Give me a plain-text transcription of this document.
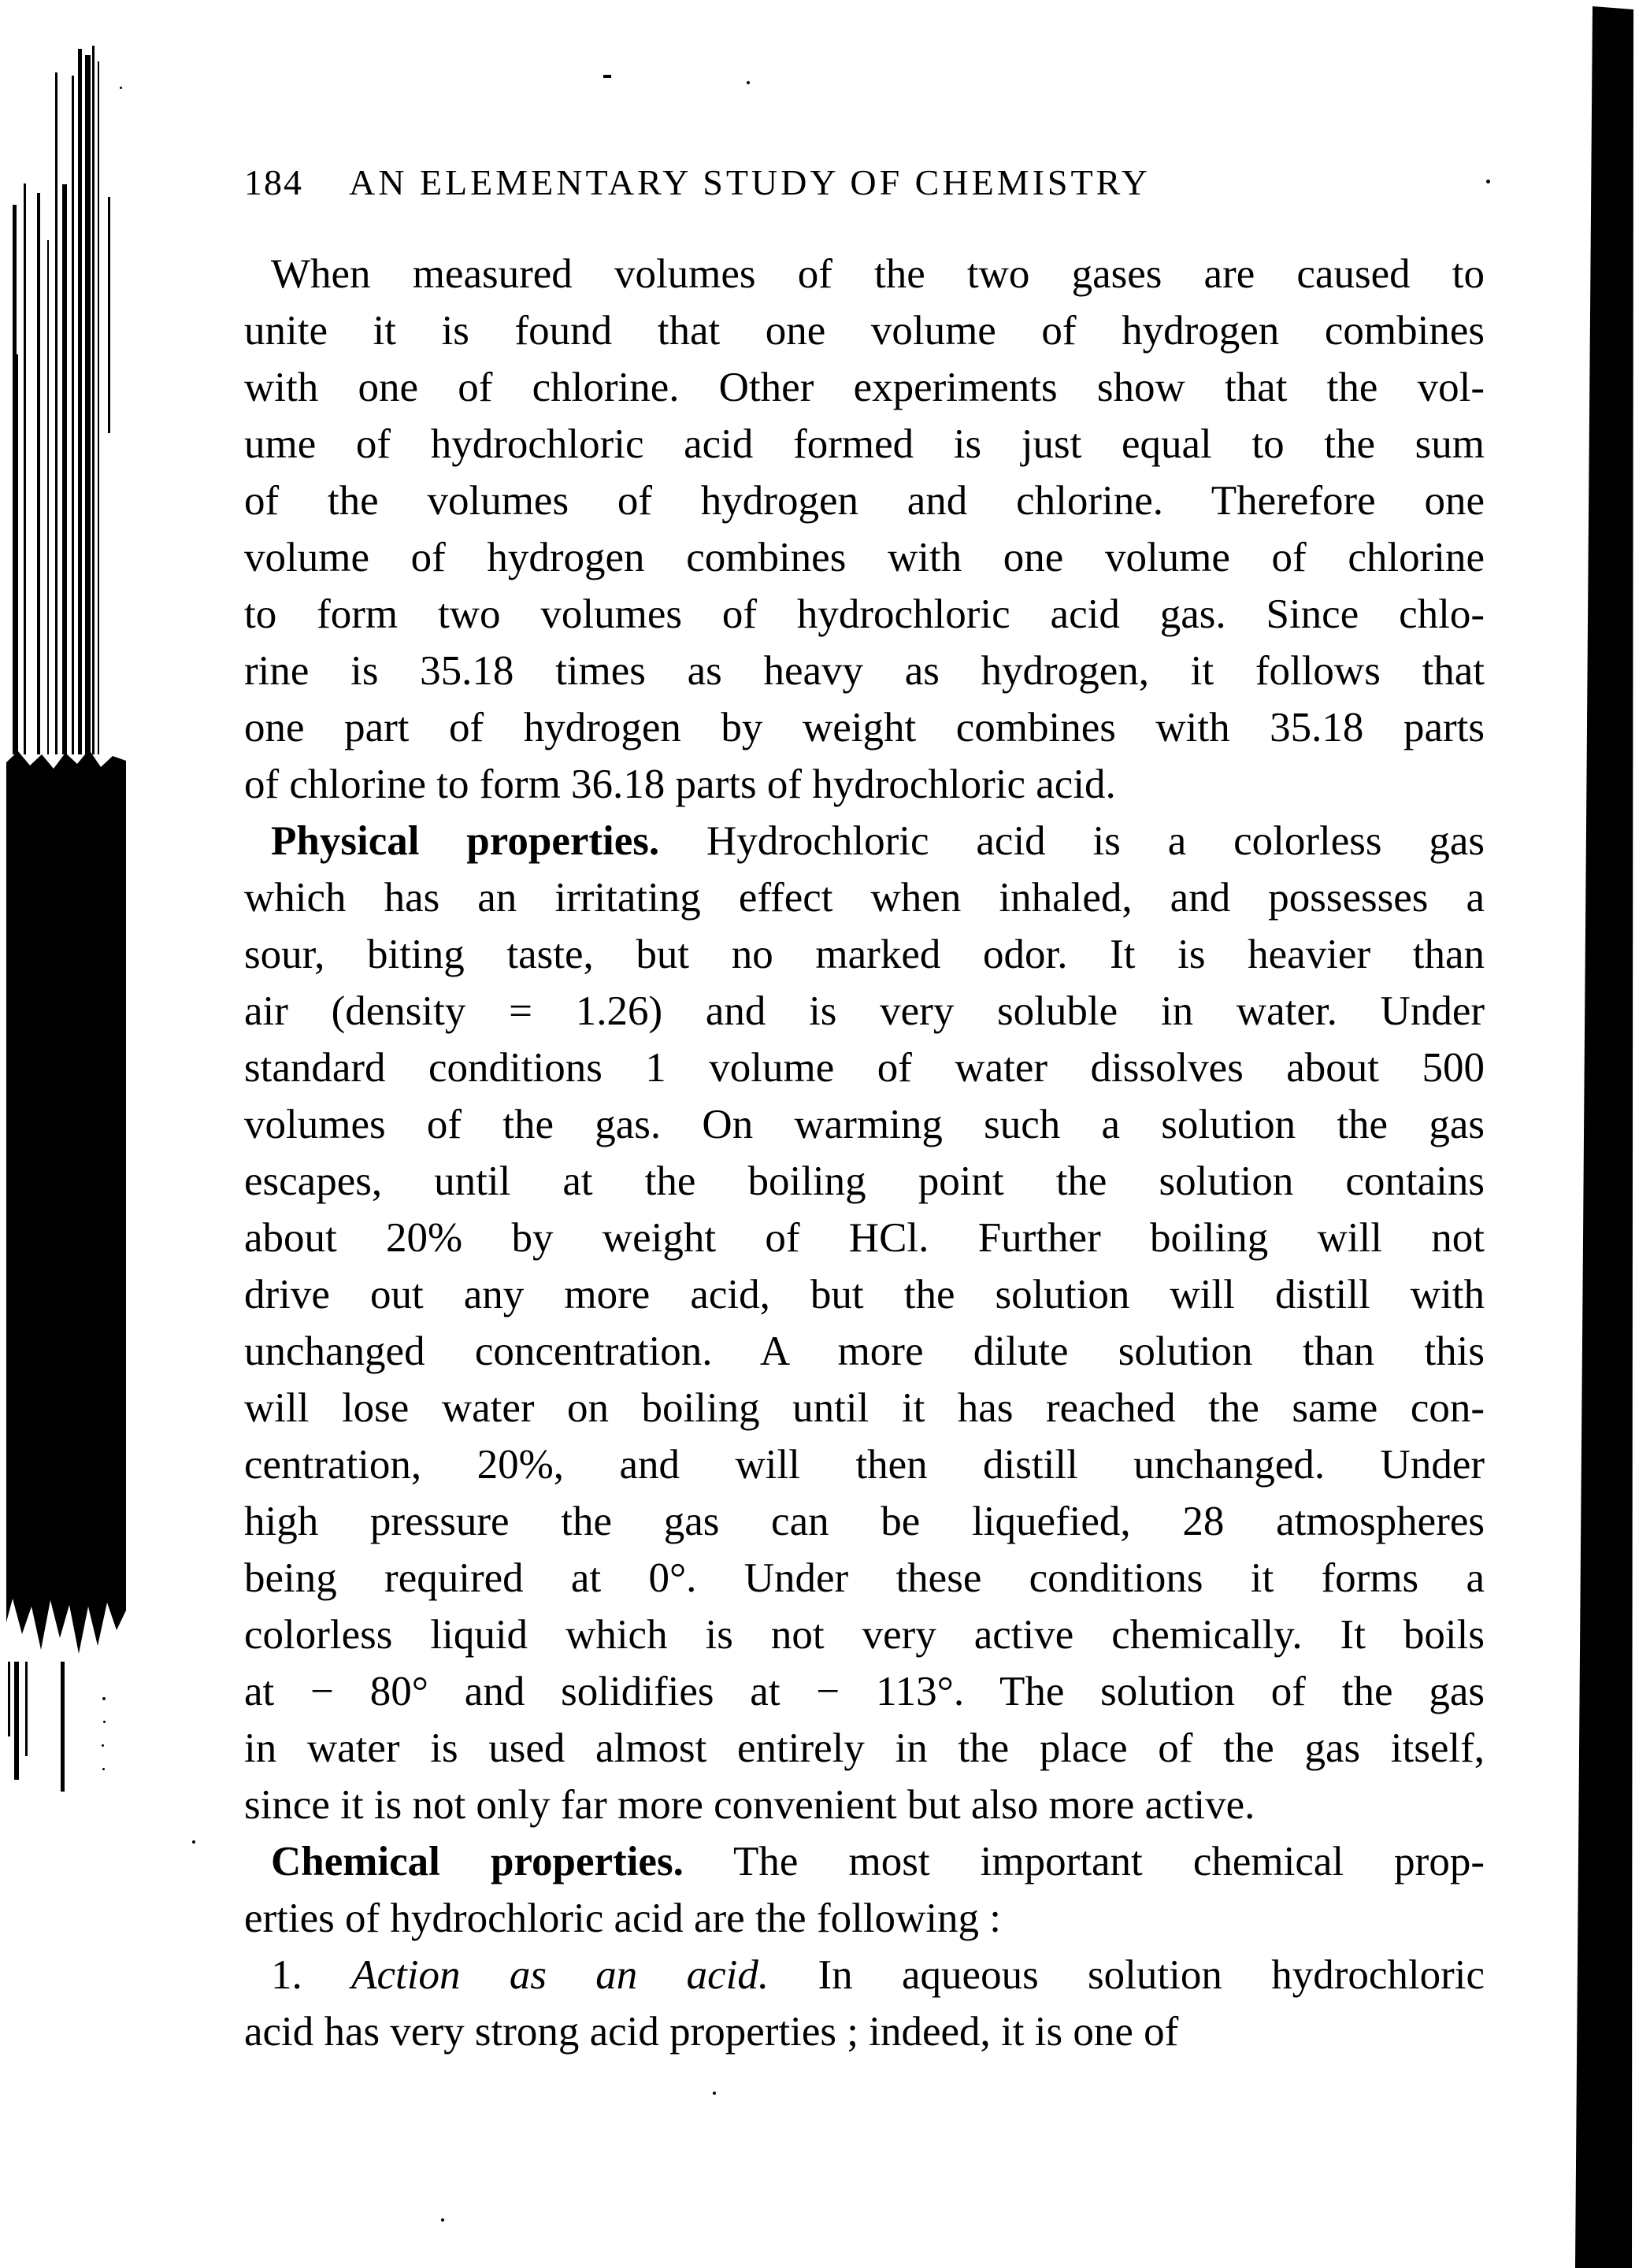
184 AN ELEMENTARY STUDY OF CHEMISTRY
When measured volumes of the two gases are caused to
unite it is found that one volume of hydrogen combines
with one of chlorine. Other experiments show that the vol-
ume of hydrochloric acid formed is just equal to the sum
of the volumes of hydrogen and chlorine. Therefore one
volume of hydrogen combines with one volume of chlorine
to form two volumes of hydrochloric acid gas. Since chlo-
rine is 35.18 times as heavy as hydrogen, it follows that
one part of hydrogen by weight combines with 35.18 parts
of chlorine to form 36.18 parts of hydrochloric acid.
Physical properties. Hydrochloric acid is a colorless gas
which has an irritating effect when inhaled, and possesses a
sour, biting taste, but no marked odor. It is heavier than
air (density = 1.26) and is very soluble in water. Under
standard conditions 1 volume of water dissolves about 500
volumes of the gas. On warming such a solution the gas
escapes, until at the boiling point the solution contains
about 20% by weight of HCl. Further boiling will not
drive out any more acid, but the solution will distill with
unchanged concentration. A more dilute solution than this
will lose water on boiling until it has reached the same con-
centration, 20%, and will then distill unchanged. Under
high pressure the gas can be liquefied, 28 atmospheres
being required at 0°. Under these conditions it forms a
colorless liquid which is not very active chemically. It boils
at − 80° and solidifies at − 113°. The solution of the gas
in water is used almost entirely in the place of the gas itself,
since it is not only far more convenient but also more active.
Chemical properties. The most important chemical prop-
erties of hydrochloric acid are the following :
1. Action as an acid. In aqueous solution hydrochloric
acid has very strong acid properties ; indeed, it is one of
